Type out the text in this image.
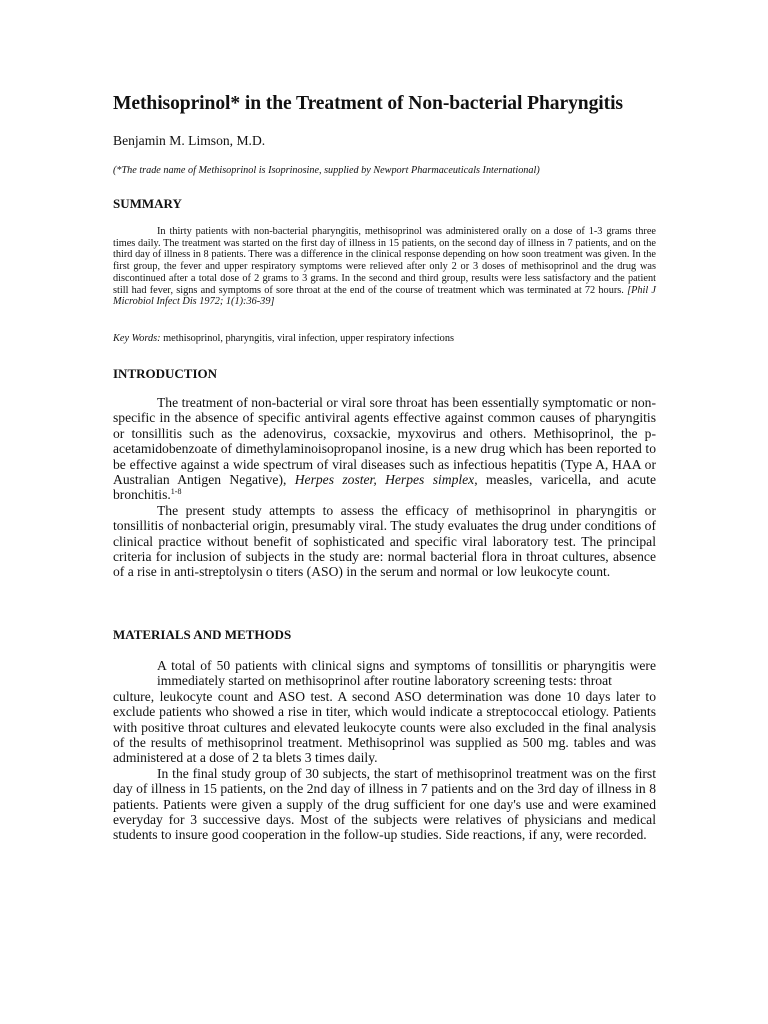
Methisoprinol* in the Treatment of Non-bacterial Pharyngitis
Benjamin M. Limson, M.D.
(*The trade name of Methisoprinol is Isoprinosine, supplied by Newport Pharmaceuticals International)
SUMMARY
In thirty patients with non-bacterial pharyngitis, methisoprinol was administered orally on a dose of 1-3 grams three times daily. The treatment was started on the first day of illness in 15 patients, on the second day of illness in 7 patients, and on the third day of illness in 8 patients. There was a difference in the clinical response depending on how soon treatment was given. In the first group, the fever and upper respiratory symptoms were relieved after only 2 or 3 doses of methisoprinol and the drug was discontinued after a total dose of 2 grams to 3 grams. In the second and third group, results were less satisfactory and the patient still had fever, signs and symptoms of sore throat at the end of the course of treatment which was terminated at 72 hours. [Phil J Microbiol Infect Dis 1972; 1(1):36-39]
Key Words: methisoprinol, pharyngitis, viral infection, upper respiratory infections
INTRODUCTION

The treatment of non-bacterial or viral sore throat has been essentially symptomatic or non-specific in the absence of specific antiviral agents effective against common causes of pharyngitis or tonsillitis such as the adenovirus, coxsackie, myxovirus and others. Methisoprinol, the p-acetamidobenzoate of dimethylaminoisopropanol inosine, is a new drug which has been reported to be effective against a wide spectrum of viral diseases such as infectious hepatitis (Type A, HAA or Australian Antigen Negative), Herpes zoster, Herpes simplex, measles, varicella, and acute bronchitis.$^{1-8}$

The present study attempts to assess the efficacy of methisoprinol in pharyngitis or tonsillitis of nonbacterial origin, presumably viral. The study evaluates the drug under conditions of clinical practice without benefit of sophisticated and specific viral laboratory test. The principal criteria for inclusion of subjects in the study are: normal bacterial flora in throat cultures, absence of a rise in anti-streptolysin o titers (ASO) in the serum and normal or low leukocyte count.

MATERIALS AND METHODS

A total of 50 patients with clinical signs and symptoms of tonsillitis or pharyngitis were immediately started on methisoprinol after routine laboratory screening tests: throat
culture, leukocyte count and ASO test. A second ASO determination was done 10 days later to exclude patients who showed a rise in titer, which would indicate a streptococcal etiology. Patients with positive throat cultures and elevated leukocyte counts were also excluded in the final analysis of the results of methisoprinol treatment. Methisoprinol was supplied as 500 mg. tables and was administered at a dose of 2 ta blets 3 times daily.

In the final study group of 30 subjects, the start of methisoprinol treatment was on the first day of illness in 15 patients, on the 2nd day of illness in 7 patients and on the 3rd day of illness in 8 patients. Patients were given a supply of the drug sufficient for one day's use and were examined everyday for 3 successive days. Most of the subjects were relatives of physicians and medical students to insure good cooperation in the follow-up studies. Side reactions, if any, were recorded.
